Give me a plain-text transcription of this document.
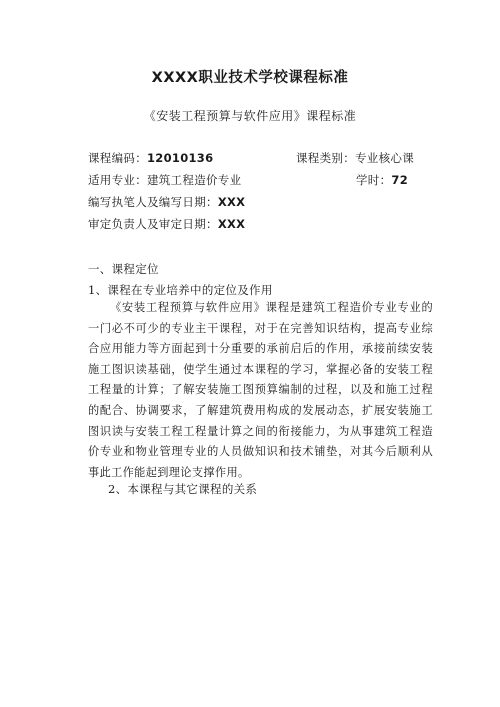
XXXX职业技术学校课程标准
《安装工程预算与软件应用》课程标准
课程编码：12010136	课程类别：专业核心课
适用专业：建筑工程造价专业	学时：72
编写执笔人及编写日期：XXX
审定负责人及审定日期：XXX
一、课程定位
1、课程在专业培养中的定位及作用
《安装工程预算与软件应用》课程是建筑工程造价专业专业的一门必不可少的专业主干课程，对于在完善知识结构，提高专业综合应用能力等方面起到十分重要的承前启后的作用，承接前续安装施工图识读基础，使学生通过本课程的学习，掌握必备的安装工程工程量的计算；了解安装施工图预算编制的过程，以及和施工过程的配合、协调要求，了解建筑费用构成的发展动态，扩展安装施工图识读与安装工程工程量计算之间的衔接能力，为从事建筑工程造价专业和物业管理专业的人员做知识和技术铺垫，对其今后顺利从事此工作能起到理论支撑作用。
2、本课程与其它课程的关系
